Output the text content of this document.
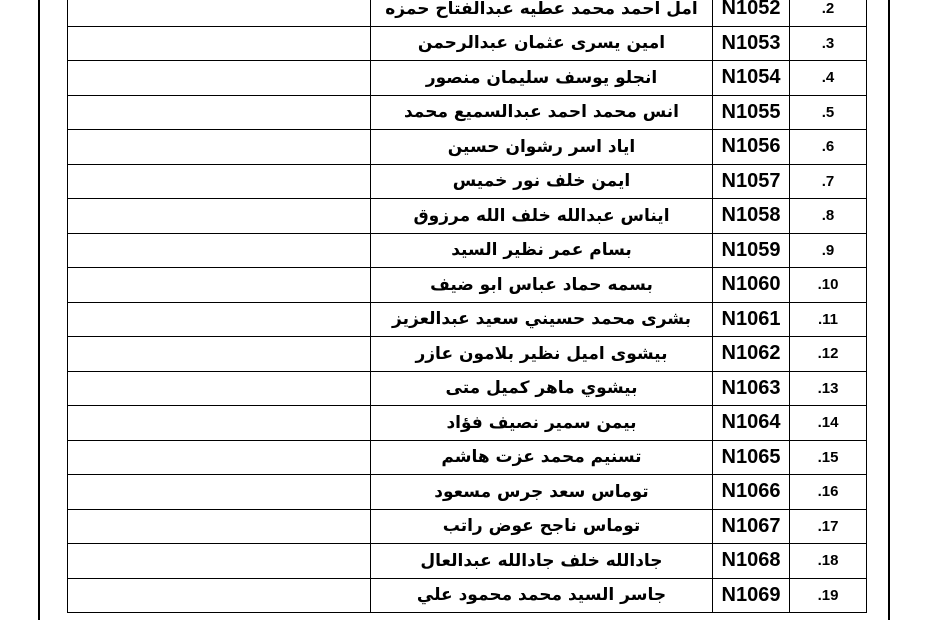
	امل احمد محمد عطيه عبدالفتاح حمزه	N1052	.2
	امين يسرى عثمان عبدالرحمن	N1053	.3
	انجلو يوسف سليمان منصور	N1054	.4
	انس محمد احمد عبدالسميع محمد	N1055	.5
	اياد اسر رشوان حسين	N1056	.6
	ايمن خلف نور خميس	N1057	.7
	ايناس عبدالله خلف الله مرزوق	N1058	.8
	بسام عمر نظير السيد	N1059	.9
	بسمه حماد عباس ابو ضيف	N1060	.10
	بشرى محمد حسيني سعيد عبدالعزيز	N1061	.11
	بيشوى اميل نظير بلامون عازر	N1062	.12
	بيشوي ماهر كميل متى	N1063	.13
	بيمن سمير نصيف فؤاد	N1064	.14
	تسنيم محمد عزت هاشم	N1065	.15
	توماس سعد جرس مسعود	N1066	.16
	توماس ناجح عوض راتب	N1067	.17
	جادالله خلف جادالله عبدالعال	N1068	.18
	جاسر السيد محمد محمود علي	N1069	.19
